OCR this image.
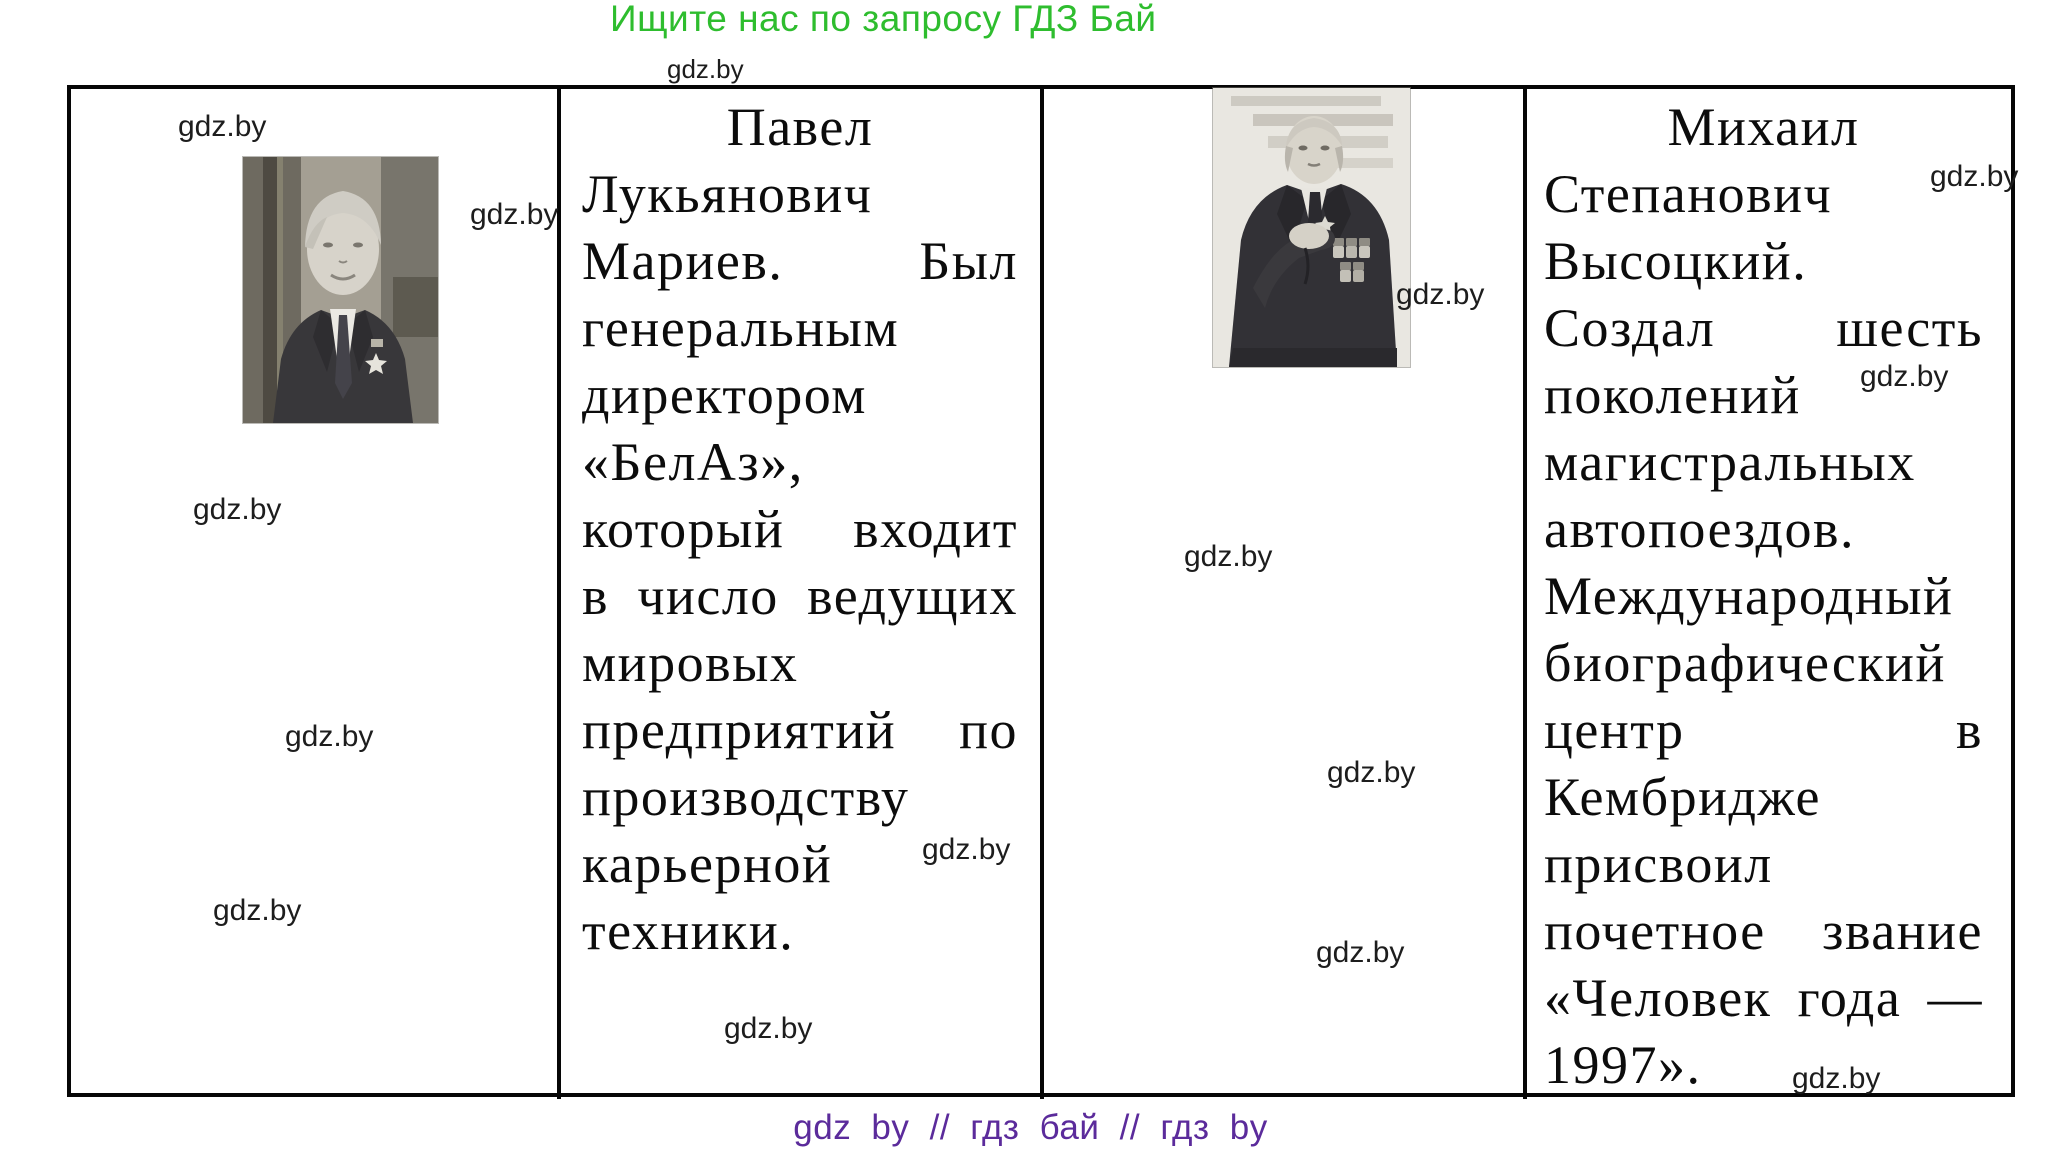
Ищите нас по запросу ГДЗ Бай
Павел
Лукьянович
Мариев.	Был
генеральным
директором
«БелАз»,
который входит
в число ведущих
мировых
предприятий по
производству
карьерной
техники.
Михаил
Степанович
Высоцкий.
Создал шесть
поколений
магистральных
автопоездов.
Международный
биографический
центр	в
Кембридже
присвоил
почетное звание
«Человек года —
1997».
gdz.by
gdz.by
gdz.by
gdz.by
gdz.by
gdz.by
gdz.by
gdz.by
gdz.by
gdz.by
gdz.by
gdz.by
gdz.by
gdz.by
gdz.by
gdz by // гдз бай // гдз by
